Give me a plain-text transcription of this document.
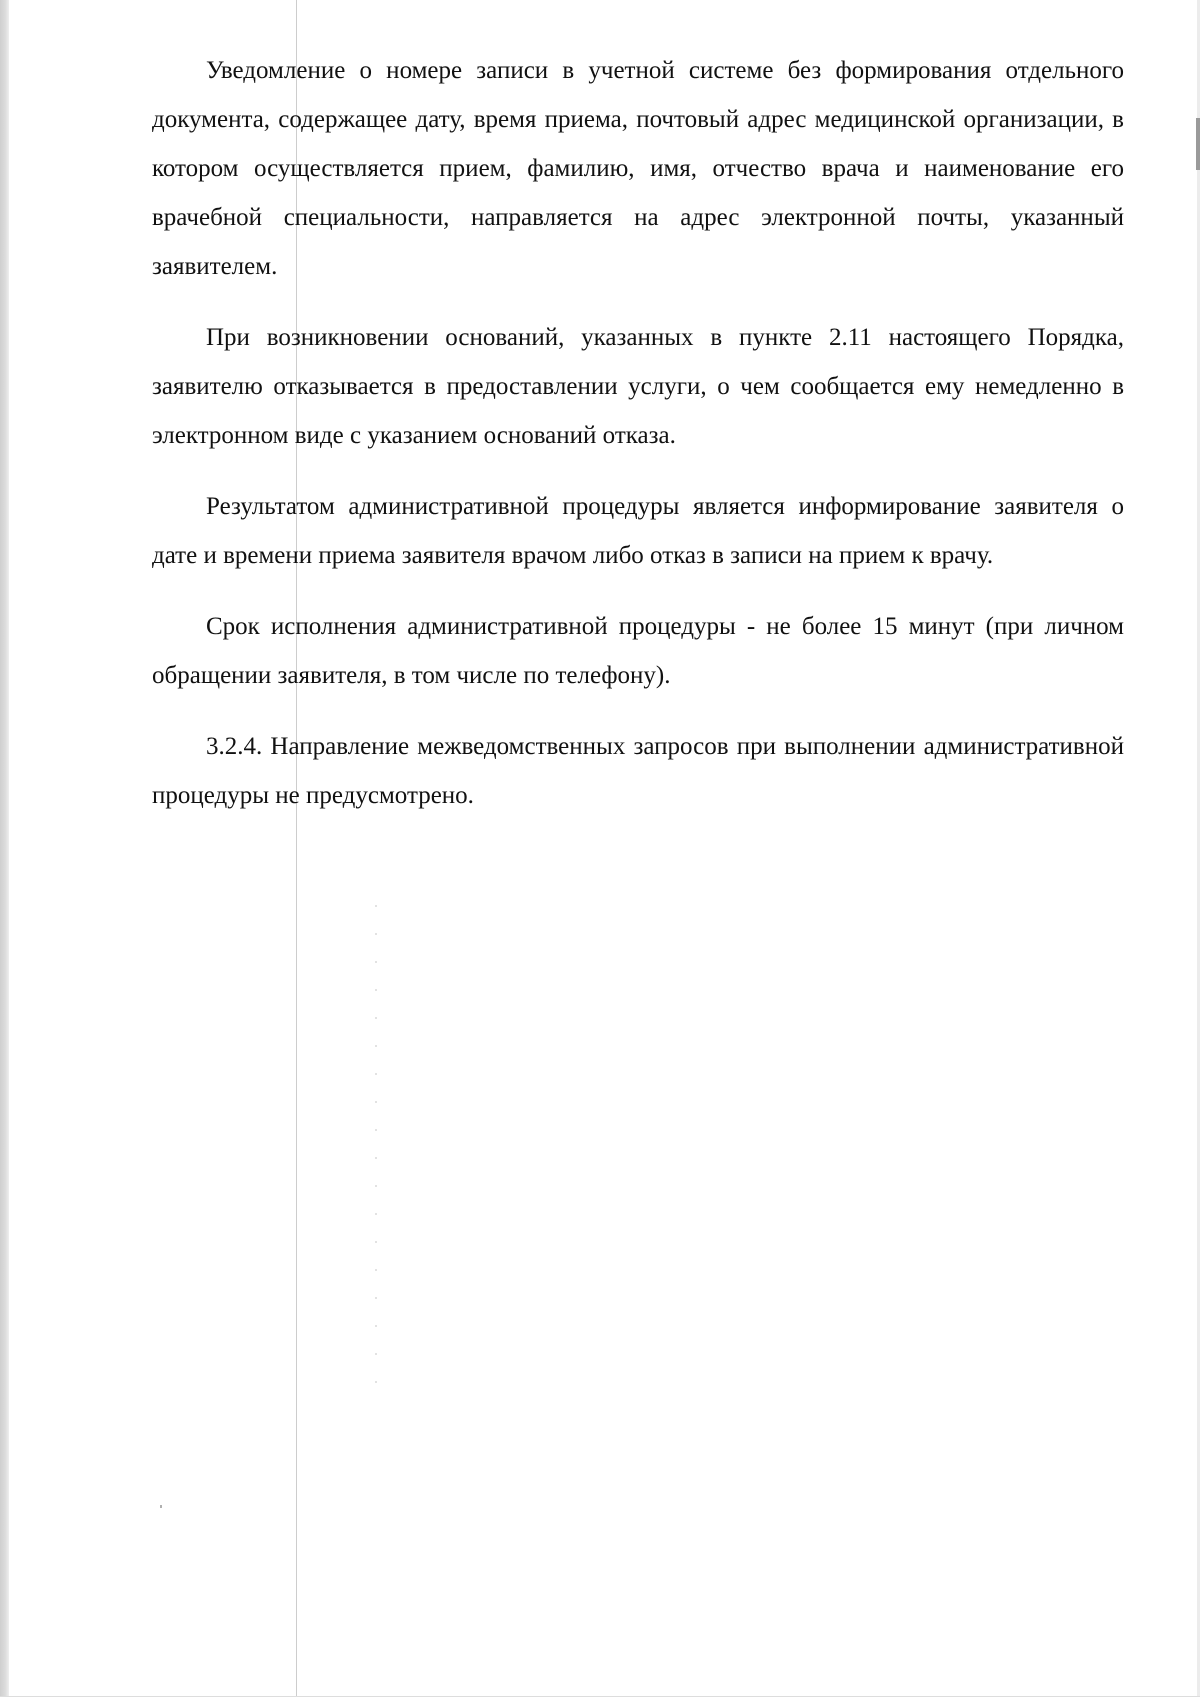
Уведомление о номере записи в учетной системе без формирования отдельного документа, содержащее дату, время приема, почтовый адрес медицинской организации, в котором осуществляется прием, фамилию, имя, отчество врача и наименование его врачебной специальности, направляется на адрес электронной почты, указанный заявителем.

При возникновении оснований, указанных в пункте 2.11 настоящего Порядка, заявителю отказывается в предоставлении услуги, о чем сообщается ему немедленно в электронном виде с указанием оснований отказа.

Результатом административной процедуры является информирование заявителя о дате и времени приема заявителя врачом либо отказ в записи на прием к врачу.

Срок исполнения административной процедуры - не более 15 минут (при личном обращении заявителя, в том числе по телефону).

3.2.4. Направление межведомственных запросов при выполнении административной процедуры не предусмотрено.
